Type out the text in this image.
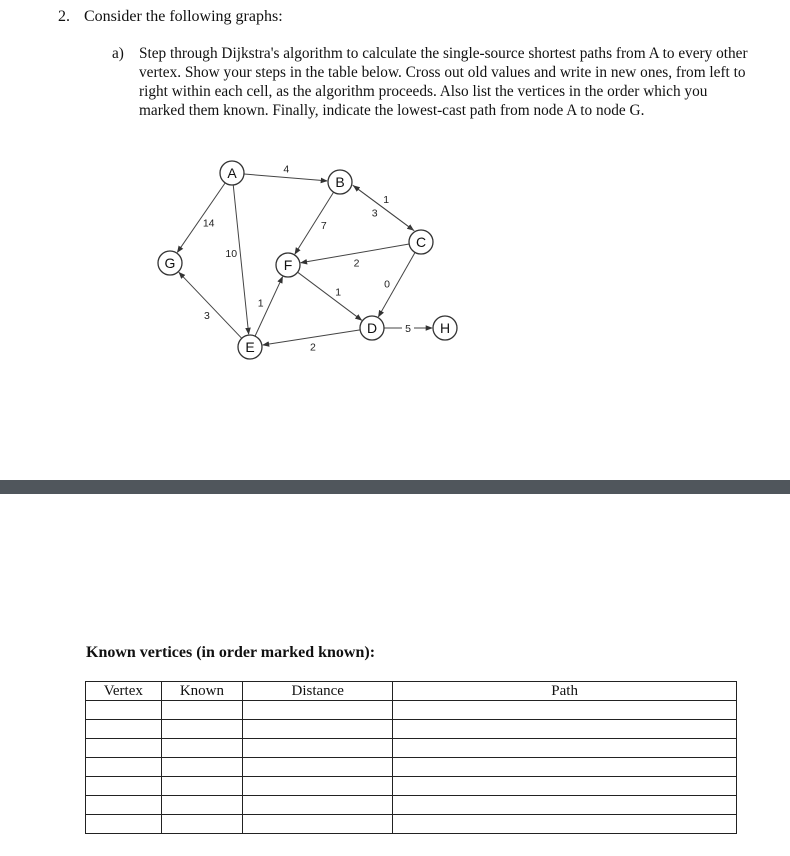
2. Consider the following graphs:
a) Step through Dijkstra's algorithm to calculate the single-source shortest paths from A to every other vertex. Show your steps in the table below. Cross out old values and write in new ones, from left to right within each cell, as the algorithm proceeds. Also list the vertices in the order which you marked them known. Finally, indicate the lowest-cast path from node A to node G.
4
14
10
7
3
1
2
0
1
1
3
2
5
A
B
C
D
E
F
G
H
Known vertices (in order marked known):
Vertex	Known	Distance	Path
